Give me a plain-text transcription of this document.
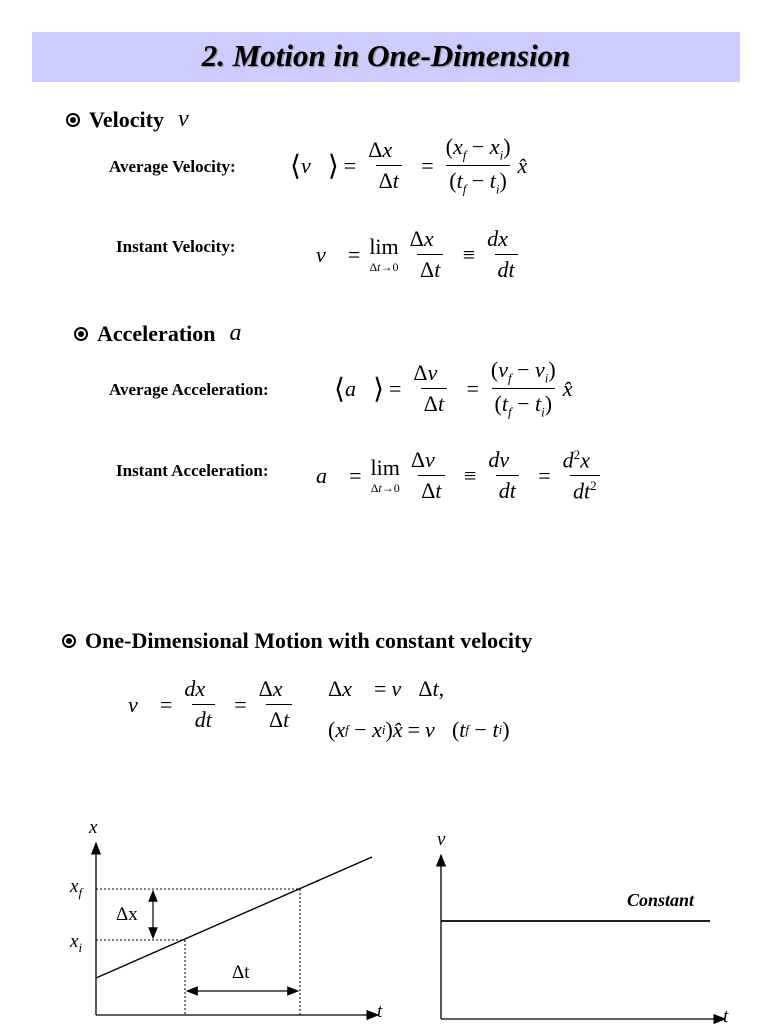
2. Motion in One-Dimension
Velocity v⃗
Average Velocity: ⟨ v⃗ ⟩ = $\frac{\Delta x⃗}{\Delta t} = \frac{(x_f - x_i)}{(t_f - t_i)}$ x̂
Instant Velocity:	v⃗ = lim
$\Delta t\to 0 \frac{\Delta x⃗}{\Delta t} \equiv \frac{dx⃗}{dt}$
Acceleration a⃗
Average Acceleration: ⟨ a⃗ ⟩ = $\frac{\Delta v⃗}{\Delta t} = \frac{(v_f - v_i)}{(t_f - t_i)}$ x̂
Instant Acceleration: a⃗ = lim
$\Delta t\to 0 \frac{\Delta v⃗}{\Delta t} \equiv \frac{dv⃗}{dt} = \frac{d^2x⃗}{dt^2}$
One-Dimensional Motion with constant velocity
v⃗ = $\frac{dx⃗}{dt} = \frac{\Delta x⃗}{\Delta t}$ Δ x⃗ = v⃗ Δ t ,
( x f − x i ) x̂ = v⃗ ( t f − t i )
x
t
$x_f$
$x_i$
Δx
Δt
v
t
Constant
